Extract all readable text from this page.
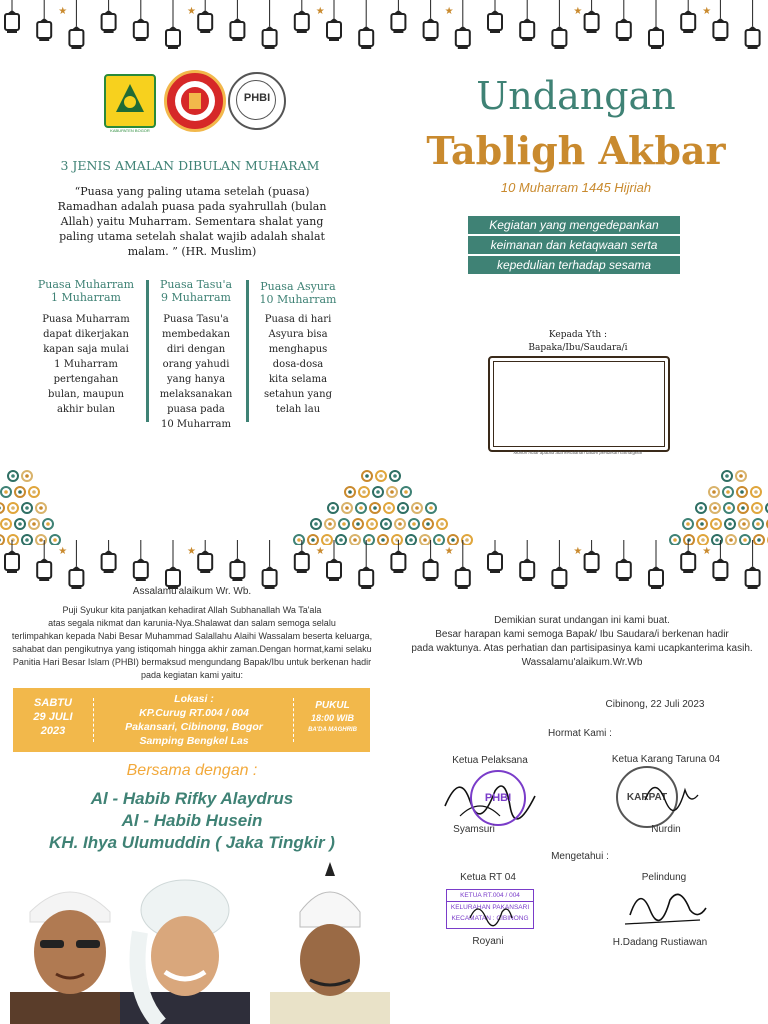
★	★	★	★	★	★
KABUPATEN BOGOR
PHBI
3 JENIS AMALAN DIBULAN MUHARAM
“Puasa yang paling utama setelah (puasa) Ramadhan adalah puasa pada syahrullah (bulan Allah) yaitu Muharram. Sementara shalat yang paling utama setelah shalat wajib adalah shalat malam. ” (HR. Muslim)
Puasa Muharram
1 Muharram
Puasa Muharram
dapat dikerjakan
kapan saja mulai
1 Muharram
pertengahan
bulan, maupun
akhir bulan
Puasa Tasu'a
9 Muharram
Puasa Tasu'a
membedakan
diri dengan
orang yahudi
yang hanya
melaksanakan
puasa pada
10 Muharram
Puasa Asyura
10 Muharram
Puasa di hari
Asyura bisa
menghapus
dosa-dosa
kita selama
setahun yang
telah lau
Undangan
Tabligh Akbar
10 Muharram 1445 Hijriah
Kegiatan yang mengedepankan
keimanan dan ketaqwaan serta
kepedulian terhadap sesama
Kepada Yth :
Bapaka/Ibu/Saudara/i
Mohon maaf apabila ada kesalahan dalam penulisan nama/gelar
★	★	★	★	★	★
Assalamu'alaikum Wr. Wb.
Puji Syukur kita panjatkan kehadirat Allah Subhanallah Wa Ta'ala
atas segala nikmat dan karunia-Nya.Shalawat dan salam semoga selalu
terlimpahkan kepada Nabi Besar Muhammad Salallahu Alaihi Wassalam beserta keluarga,
sahabat dan pengikutnya yang istiqomah hingga akhir zaman.Dengan hormat,kami selaku
Panitia Hari Besar Islam (PHBI) bermaksud mengundang Bapak/Ibu untuk berkenan hadir
pada kegiatan kami yaitu:
SABTU
29 JULI
2023
Lokasi :
KP.Curug RT.004 / 004
Pakansari, Cibinong, Bogor
Samping Bengkel Las
PUKUL
18:00 WIB
BA'DA MAGHRIB
Bersama dengan :
Al - Habib Rifky Alaydrus
Al - Habib Husein
KH. Ihya Ulumuddin ( Jaka Tingkir )
Demikian surat undangan ini kami buat.
Besar harapan kami semoga Bapak/ Ibu Saudara/i berkenan hadir
pada waktunya. Atas perhatian dan partisipasinya kami ucapkanterima kasih.
Wassalamu'alaikum.Wr.Wb
Cibinong, 22 Juli 2023
Hormat Kami :
Ketua Pelaksana	Ketua Karang Taruna 04
PHBI	KARPAT
Syamsuri	Nurdin
Mengetahui :
Ketua RT 04	Pelindung
KETUA RT.004 / 004
KELURAHAN PAKANSARI
KECAMATAN : CIBINONG
Royani	H.Dadang Rustiawan
